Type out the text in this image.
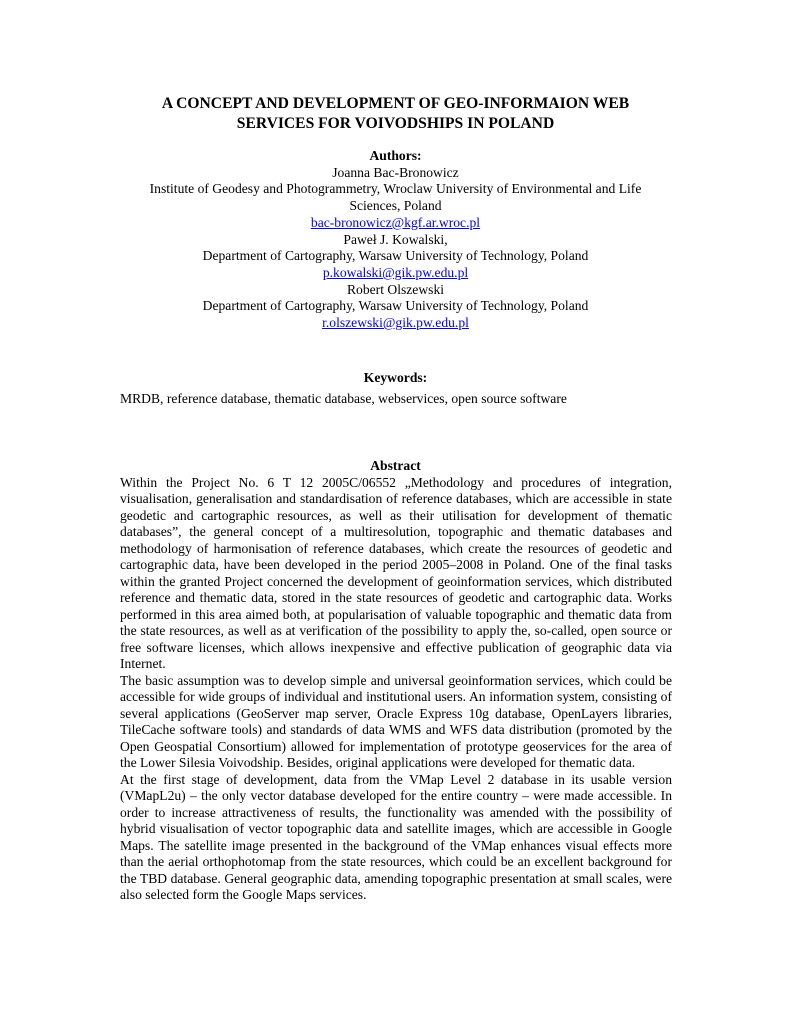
A CONCEPT AND DEVELOPMENT OF GEO-INFORMAION WEB
SERVICES FOR VOIVODSHIPS IN POLAND
Authors:
Joanna Bac-Bronowicz
Institute of Geodesy and Photogrammetry, Wroclaw University of Environmental and Life
Sciences, Poland
bac-bronowicz@kgf.ar.wroc.pl
Paweł J. Kowalski,
Department of Cartography, Warsaw University of Technology, Poland
p.kowalski@gik.pw.edu.pl
Robert Olszewski
Department of Cartography, Warsaw University of Technology, Poland
r.olszewski@gik.pw.edu.pl
Keywords:
MRDB, reference database, thematic database, webservices, open source software
Abstract

Within the Project No. 6 T 12 2005C/06552 „Methodology and procedures of integration, visualisation, generalisation and standardisation of reference databases, which are accessible in state geodetic and cartographic resources, as well as their utilisation for development of thematic databases”, the general concept of a multiresolution, topographic and thematic databases and methodology of harmonisation of reference databases, which create the resources of geodetic and cartographic data, have been developed in the period 2005–2008 in Poland. One of the final tasks within the granted Project concerned the development of geoinformation services, which distributed reference and thematic data, stored in the state resources of geodetic and cartographic data. Works performed in this area aimed both, at popularisation of valuable topographic and thematic data from the state resources, as well as at verification of the possibility to apply the, so-called, open source or free software licenses, which allows inexpensive and effective publication of geographic data via Internet.

The basic assumption was to develop simple and universal geoinformation services, which could be accessible for wide groups of individual and institutional users. An information system, consisting of several applications (GeoServer map server, Oracle Express 10g database, OpenLayers libraries, TileCache software tools) and standards of data WMS and WFS data distribution (promoted by the Open Geospatial Consortium) allowed for implementation of prototype geoservices for the area of the Lower Silesia Voivodship. Besides, original applications were developed for thematic data.

At the first stage of development, data from the VMap Level 2 database in its usable version (VMapL2u) – the only vector database developed for the entire country – were made accessible. In order to increase attractiveness of results, the functionality was amended with the possibility of hybrid visualisation of vector topographic data and satellite images, which are accessible in Google Maps. The satellite image presented in the background of the VMap enhances visual effects more than the aerial orthophotomap from the state resources, which could be an excellent background for the TBD database. General geographic data, amending topographic presentation at small scales, were also selected form the Google Maps services.
